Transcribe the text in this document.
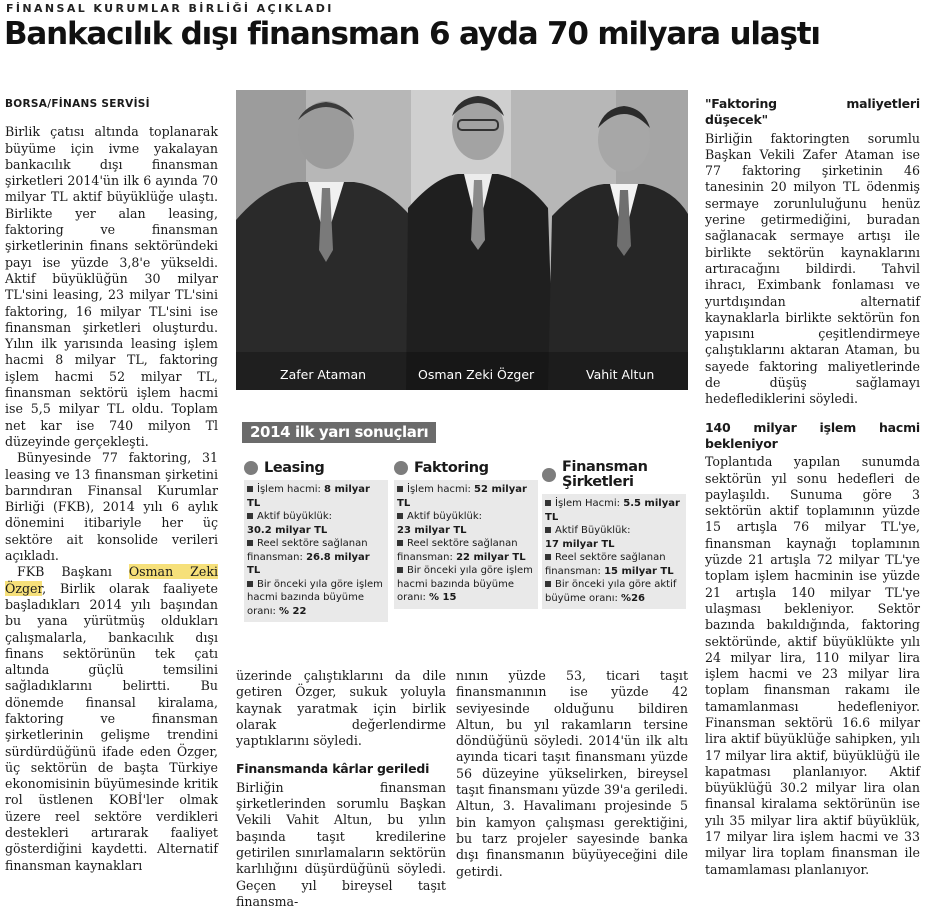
FİNANSAL KURUMLAR BİRLİĞİ AÇIKLADI
Bankacılık dışı finansman 6 ayda 70 milyara ulaştı
BORSA/FİNANS SERVİSİ

Birlik çatısı altında toplanarak büyüme için ivme yakalayan bankacılık dışı finansman şirketleri 2014'ün ilk 6 ayında 70 milyar TL aktif büyüklüğe ulaştı. Birlikte yer alan leasing, faktoring ve finansman şirketlerinin finans sektöründeki payı ise yüzde 3,8'e yükseldi. Aktif büyüklüğün 30 milyar TL'sini leasing, 23 milyar TL'sini faktoring, 16 milyar TL'sini ise finansman şirketleri oluşturdu. Yılın ilk yarısında leasing işlem hacmi 8 milyar TL, faktoring işlem hacmi 52 milyar TL, finansman sektörü işlem hacmi ise 5,5 milyar TL oldu. Toplam net kar ise 740 milyon Tl düzeyinde gerçekleşti.

Bünyesinde 77 faktoring, 31 leasing ve 13 finansman şirketini barındıran Finansal Kurumlar Birliği (FKB), 2014 yılı 6 aylık dönemini itibariyle her üç sektöre ait konsolide verileri açıkladı.

FKB Başkanı Osman Zeki Özger, Birlik olarak faaliyete başladıkları 2014 yılı başından bu yana yürütmüş oldukları çalışmalarla, bankacılık dışı finans sektörünün tek çatı altında güçlü temsilini sağladıklarını belirtti. Bu dönemde finansal kiralama, faktoring ve finansman şirketlerinin gelişme trendini sürdürdüğünü ifade eden Özger, üç sektörün de başta Türkiye ekonomisinin büyümesinde kritik rol üstlenen KOBİ'ler olmak üzere reel sektöre verdikleri destekleri artırarak faaliyet gösterdiğini kaydetti. Alternatif finansman kaynakları

Zafer Ataman	Osman Zeki Özger	Vahit Altun
2014 ilk yarı sonuçları
Leasing
İşlem hacmi: 8 milyar TL
Aktif büyüklük:
30.2 milyar TL
Reel sektöre sağlanan finansman: 26.8 milyar TL
Bir önceki yıla göre işlem hacmi bazında büyüme oranı: % 22
Faktoring
İşlem hacmi: 52 milyar TL
Aktif büyüklük:
23 milyar TL
Reel sektöre sağlanan finansman: 22 milyar TL
Bir önceki yıla göre işlem hacmi bazında büyüme oranı: % 15
Finansman Şirketleri
İşlem Hacmi: 5.5 milyar TL
Aktif Büyüklük:
17 milyar TL
Reel sektöre sağlanan finansman: 15 milyar TL
Bir önceki yıla göre aktif büyüme oranı: %26

üzerinde çalıştıklarını da dile getiren Özger, sukuk yoluyla kaynak yaratmak için birlik olarak değerlendirme yaptıklarını söyledi.

Finansmanda kârlar geriledi

Birliğin finansman şirketlerinden sorumlu Başkan Vekili Vahit Altun, bu yılın başında taşıt kredilerine getirilen sınırlamaların sektörün karlılığını düşürdüğünü söyledi. Geçen yıl bireysel taşıt finansma-

nının yüzde 53, ticari taşıt finansmanının ise yüzde 42 seviyesinde olduğunu bildiren Altun, bu yıl rakamların tersine döndüğünü söyledi. 2014'ün ilk altı ayında ticari taşıt finansmanı yüzde 56 düzeyine yükselirken, bireysel taşıt finansmanı yüzde 39'a geriledi. Altun, 3. Havalimanı projesinde 5 bin kamyon çalışması gerektiğini, bu tarz projeler sayesinde banka dışı finansmanın büyüyeceğini dile getirdi.

"Faktoring maliyetleri düşecek"

Birliğin faktoringten sorumlu Başkan Vekili Zafer Ataman ise 77 faktoring şirketinin 46 tanesinin 20 milyon TL ödenmiş sermaye zorunluluğunu henüz yerine getirmediğini, buradan sağlanacak sermaye artışı ile birlikte sektörün kaynaklarını artıracağını bildirdi. Tahvil ihracı, Eximbank fonlaması ve yurtdışından alternatif kaynaklarla birlikte sektörün fon yapısını çeşitlendirmeye çalıştıklarını aktaran Ataman, bu sayede faktoring maliyetlerinde de düşüş sağlamayı hedeflediklerini söyledi.

140 milyar işlem hacmi bekleniyor

Toplantıda yapılan sunumda sektörün yıl sonu hedefleri de paylaşıldı. Sunuma göre 3 sektörün aktif toplamının yüzde 15 artışla 76 milyar TL'ye, finansman kaynağı toplamının yüzde 21 artışla 72 milyar TL'ye toplam işlem hacminin ise yüzde 21 artışla 140 milyar TL'ye ulaşması bekleniyor. Sektör bazında bakıldığında, faktoring sektöründe, aktif büyüklükte yılı 24 milyar lira, 110 milyar lira işlem hacmi ve 23 milyar lira toplam finansman rakamı ile tamamlanması hedefleniyor. Finansman sektörü 16.6 milyar lira aktif büyüklüğe sahipken, yılı 17 milyar lira aktif, büyüklüğü ile kapatması planlanıyor. Aktif büyüklüğü 30.2 milyar lira olan finansal kiralama sektörünün ise yılı 35 milyar lira aktif büyüklük, 17 milyar lira işlem hacmi ve 33 milyar lira toplam finansman ile tamamlaması planlanıyor.
